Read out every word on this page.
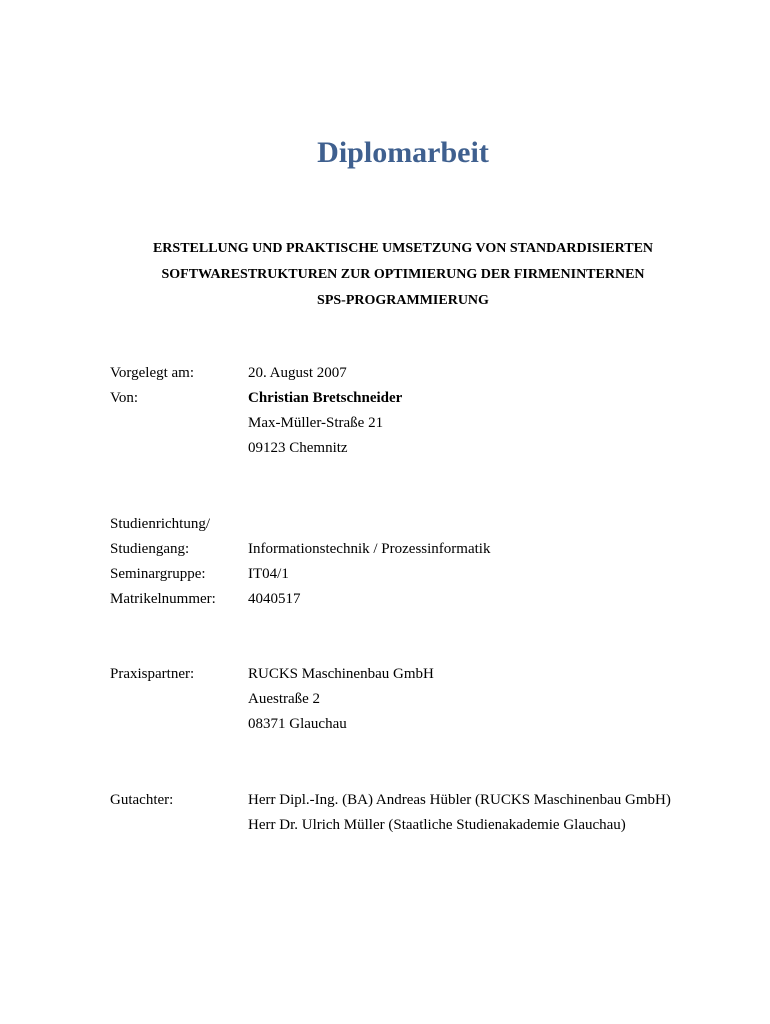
Diplomarbeit
ERSTELLUNG UND PRAKTISCHE UMSETZUNG VON STANDARDISIERTEN
SOFTWARESTRUKTUREN ZUR OPTIMIERUNG DER FIRMENINTERNEN
SPS-PROGRAMMIERUNG
Vorgelegt am:	20. August 2007
Von:	Christian Bretschneider
Max-Müller-Straße 21
09123 Chemnitz
Studienrichtung/
Studiengang:	Informationstechnik / Prozessinformatik
Seminargruppe:	IT04/1
Matrikelnummer: 4040517
Praxispartner:	RUCKS Maschinenbau GmbH
Auestraße 2
08371 Glauchau
Gutachter:	Herr Dipl.-Ing. (BA) Andreas Hübler (RUCKS Maschinenbau GmbH)
Herr Dr. Ulrich Müller (Staatliche Studienakademie Glauchau)
